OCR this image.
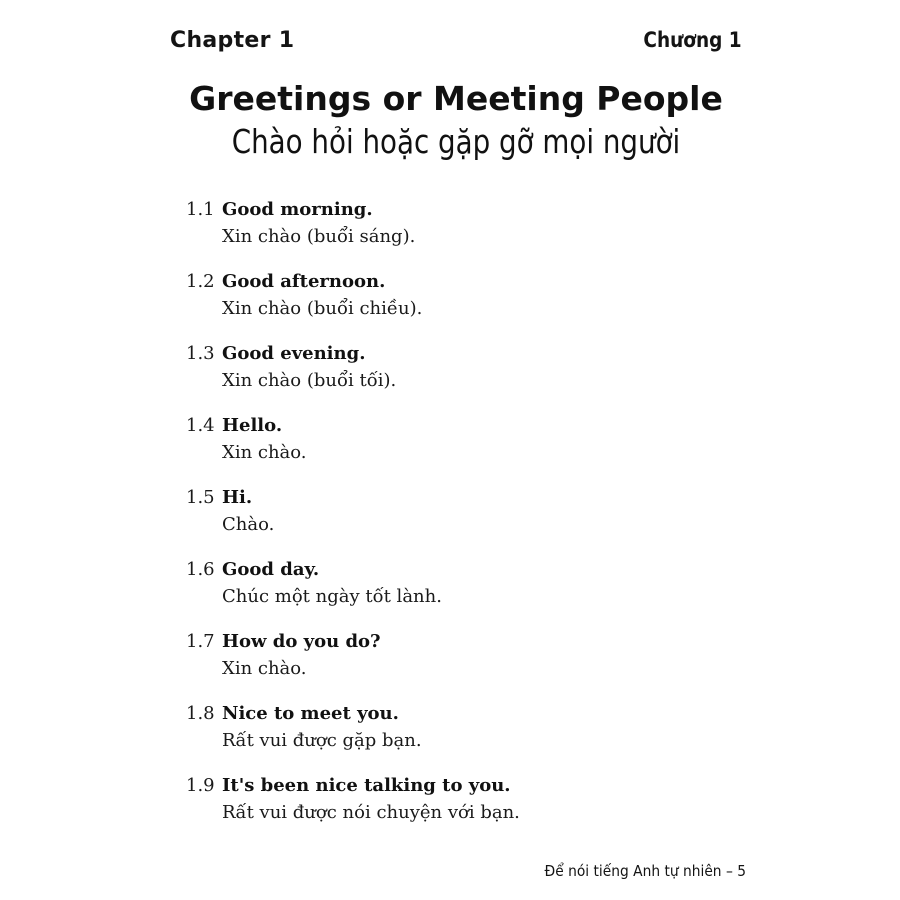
Chapter 1	Chương 1
Greetings or Meeting People
Chào hỏi hoặc gặp gỡ mọi người
1.1 Good morning.
Xin chào (buổi sáng).
1.2 Good afternoon.
Xin chào (buổi chiều).
1.3 Good evening.
Xin chào (buổi tối).
1.4 Hello.
Xin chào.
1.5 Hi.
Chào.
1.6 Good day.
Chúc một ngày tốt lành.
1.7 How do you do?
Xin chào.
1.8 Nice to meet you.
Rất vui được gặp bạn.
1.9 It's been nice talking to you.
Rất vui được nói chuyện với bạn.
Để nói tiếng Anh tự nhiên – 5
